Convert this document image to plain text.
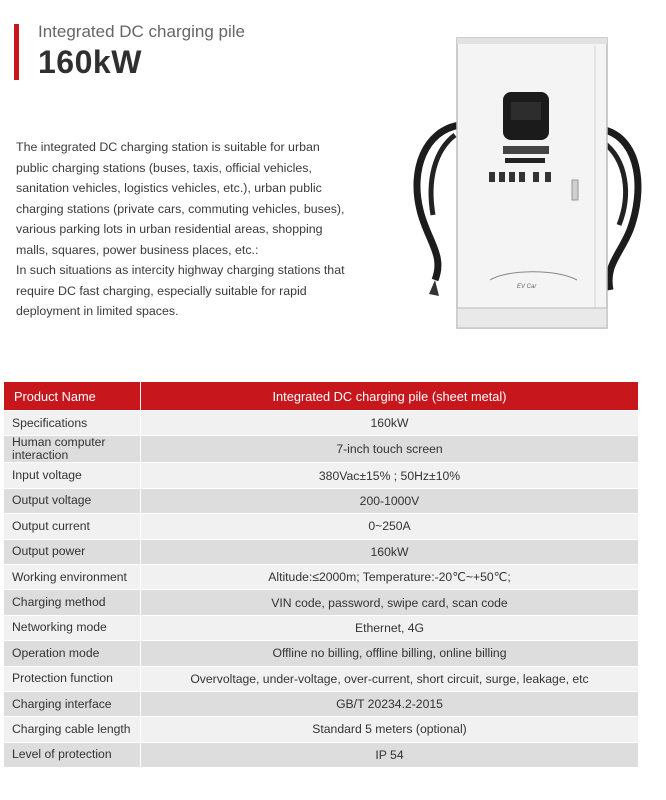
Integrated DC charging pile
160kW

The integrated DC charging station is suitable for urban public charging stations (buses, taxis, official vehicles, sanitation vehicles, logistics vehicles, etc.), urban public charging stations (private cars, commuting vehicles, buses), various parking lots in urban residential areas, shopping malls, squares, power business places, etc.:

In such situations as intercity highway charging stations that require DC fast charging, especially suitable for rapid deployment in limited spaces.

EV Car
Product Name	Integrated DC charging pile (sheet metal)
Specifications	160kW
Human computer interaction	7-inch touch screen
Input voltage	380Vac±15% ; 50Hz±10%
Output voltage	200-1000V
Output current	0~250A
Output power	160kW
Working environment	Altitude:≤2000m; Temperature:-20℃~+50℃;
Charging method	VIN code, password, swipe card, scan code
Networking mode	Ethernet, 4G
Operation mode	Offline no billing, offline billing, online billing
Protection function	Overvoltage, under-voltage, over-current, short circuit, surge, leakage, etc
Charging interface	GB/T 20234.2-2015
Charging cable length	Standard 5 meters (optional)
Level of protection	IP 54
